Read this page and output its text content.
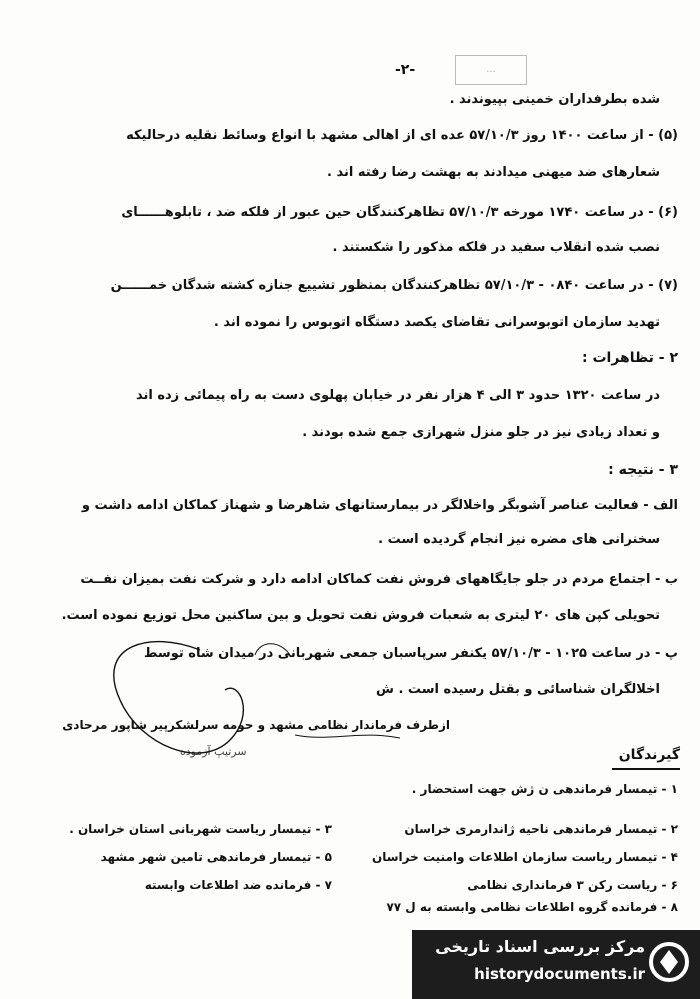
...
-۲-
شده بطرفداران خمینی بپیوندند .
(۵) - از ساعت ۱۴۰۰ روز ۵۷/۱۰/۳ عده ای از اهالی مشهد با انواع وسائط نقلیه درحالیکه
شعارهای ضد میهنی میدادند به بهشت رضا رفته اند .
(۶) - در ساعت ۱۷۴۰ مورخه ۵۷/۱۰/۳ تظاهرکنندگان حین عبور از فلکه ضد ، تابلوهــــــای
نصب شده انقلاب سفید در فلکه مذکور را شکستند .
(۷) - در ساعت ۰۸۴۰ - ۵۷/۱۰/۳ تظاهرکنندگان بمنظور تشییع جنازه کشته شدگان خمــــــن
تهدید سازمان اتوبوسرانی تقاضای یکصد دستگاه اتوبوس را نموده اند .
۲ - تظاهرات :
در ساعت ۱۳۲۰ حدود ۳ الی ۴ هزار نفر در خیابان پهلوی دست به راه پیمائی زده اند
و تعداد زیادی نیز در جلو منزل شهرازی جمع شده بودند .
۳ - نتیجه :
الف - فعالیت عناصر آشوبگر واخلالگر در بیمارستانهای شاهرضا و شهناز کماکان ادامه داشت و
سخنرانی های مضره نیز انجام گردیده است .
ب - اجتماع مردم در جلو جایگاههای فروش نفت کماکان ادامه دارد و شرکت نفت بمیزان نفــت
تحویلی کپن های ۲۰ لیتری به شعبات فروش نفت تحویل و بین ساکنین محل توزیع نموده است.
پ - در ساعت ۱۰۲۵ - ۵۷/۱۰/۳ یکنفر سرپاسبان جمعی شهربانی در میدان شاه توسط
اخلالگران شناسائی و بقتل رسیده است . ش
ازطرف فرماندار نظامی مشهد و حومه سرلشکرپیر شاپور مرحادی
سرتیپ آزموده	گیرندگان
۱ - تیمسار فرماندهی ن ژش جهت استحضار .
۲ - تیمسار فرماندهی ناحیه ژاندارمری خراسان
۳ - تیمسار ریاست شهربانی استان خراسان .
۴ - تیمسار ریاست سازمان اطلاعات وامنیت خراسان
۵ - تیمسار فرماندهی تامین شهر مشهد
۶ - ریاست رکن ۳ فرمانداری نظامی
۷ - فرمانده ضد اطلاعات وابسته
۸ - فرمانده گروه اطلاعات نظامی وابسته به ل ۷۷
مرکز بررسی اسناد تاریخی
historydocuments.ir
